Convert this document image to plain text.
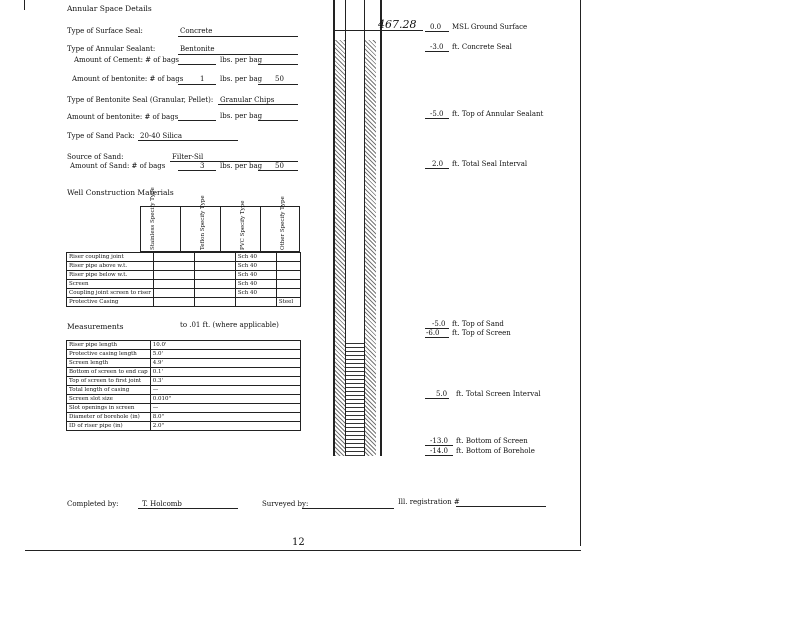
Annular Space Details
Type of Surface Seal:	Concrete
Type of Annular Sealant:	Bentonite
Amount of Cement: # of bags	lbs. per bag
Amount of bentonite: # of bags 1 lbs. per bag 50
Type of Bentonite Seal (Granular, Pellet): Granular Chips
Amount of bentonite: # of bags	lbs. per bag
Type of Sand Pack: 20-40 Silica
Source of Sand:	Filter-Sil
Amount of Sand: # of bags	3 lbs. per bag 50
Well Construction Materials
Stainless Specify Type	Teflon Specify Type	PVC Specify Type	Other Specify Type
Riser coupling joint			Sch 40	
Riser pipe above w.t.			Sch 40	
Riser pipe below w.t.			Sch 40	
Screen			Sch 40	
Coupling joint screen to riser			Sch 40	
Protective Casing				Steel
Measurements	to .01 ft. (where applicable)
Riser pipe length	10.0'
Protective casing length	5.0'
Screen length	4.9'
Bottom of screen to end cap	0.1'
Top of screen to first joint	0.3'
Total length of casing	—
Screen slot size	0.010"
Slot openings in screen	—
Diameter of borehole (in)	8.0"
ID of riser pipe (in)	2.0"
467.28 0.0 MSL Ground Surface
-3.0 ft. Concrete Seal
-5.0 ft. Top of Annular Sealant
2.0 ft. Total Seal Interval
-5.0 ft. Top of Sand
-6.0 ft. Top of Screen
5.0 ft. Total Screen Interval
-13.0 ft. Bottom of Screen
-14.0 ft. Bottom of Borehole
Completed by:	T. Holcomb	Surveyed by:	Ill. registration #
12
